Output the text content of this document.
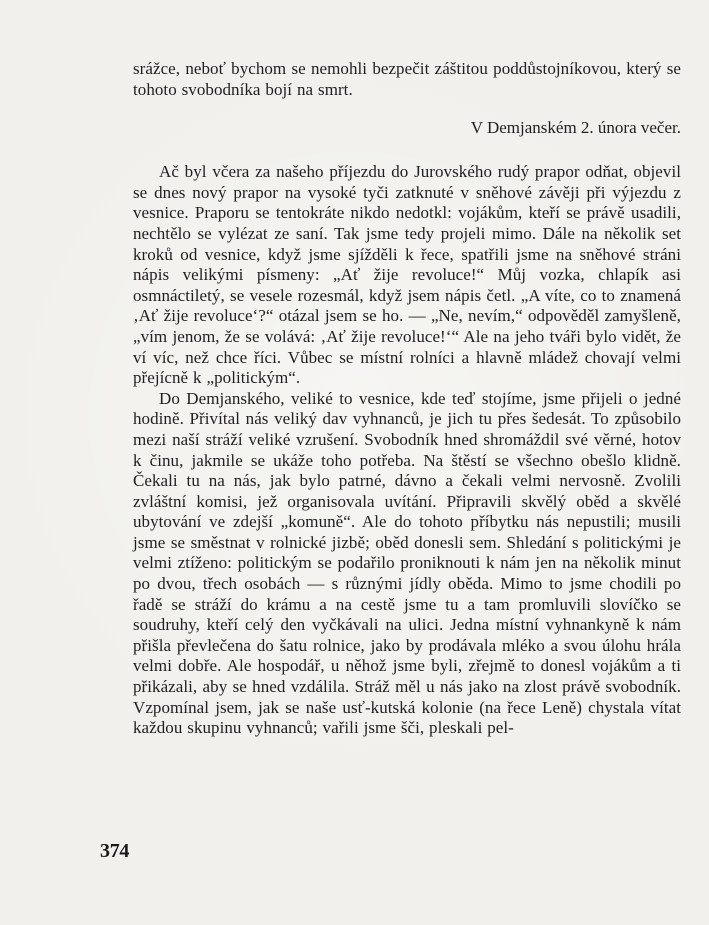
srážce, neboť bychom se nemohli bezpečit záštitou poddůstojníkovou, který se tohoto svobodníka bojí na smrt.

V Demjanském 2. února večer.

Ač byl včera za našeho příjezdu do Jurovského rudý prapor odňat, objevil se dnes nový prapor na vysoké tyči zatknuté v sněhové závěji při výjezdu z vesnice. Praporu se tentokráte nikdo nedotkl: vojákům, kteří se právě usadili, nechtělo se vylézat ze saní. Tak jsme tedy projeli mimo. Dále na několik set kroků od vesnice, když jsme sjížděli k řece, spatřili jsme na sněhové stráni nápis velikými písmeny: „Ať žije revoluce!“ Můj vozka, chlapík asi osmnáctiletý, se vesele rozesmál, když jsem nápis četl. „A víte, co to znamená ‚Ať žije revoluce‘?“ otázal jsem se ho. — „Ne, nevím,“ odpověděl zamyšleně, „vím jenom, že se volává: ‚Ať žije revoluce!‘“ Ale na jeho tváři bylo vidět, že ví víc, než chce říci. Vůbec se místní rolníci a hlavně mládež chovají velmi přejícně k „politickým“.

Do Demjanského, veliké to vesnice, kde teď stojíme, jsme přijeli o jedné hodině. Přivítal nás veliký dav vyhnanců, je jich tu přes šedesát. To způsobilo mezi naší stráží veliké vzrušení. Svobodník hned shromáždil své věrné, hotov k činu, jakmile se ukáže toho potřeba. Na štěstí se všechno obešlo klidně. Čekali tu na nás, jak bylo patrné, dávno a čekali velmi nervosně. Zvolili zvláštní komisi, jež organisovala uvítání. Připravili skvělý oběd a skvělé ubytování ve zdejší „komuně“. Ale do tohoto příbytku nás nepustili; musili jsme se směstnat v rolnické jizbě; oběd donesli sem. Shledání s politickými je velmi ztíženo: politickým se podařilo proniknouti k nám jen na několik minut po dvou, třech osobách — s různými jídly oběda. Mimo to jsme chodili po řadě se stráží do krámu a na cestě jsme tu a tam promluvili slovíčko se soudruhy, kteří celý den vyčkávali na ulici. Jedna místní vyhnankyně k nám přišla převlečena do šatu rolnice, jako by prodávala mléko a svou úlohu hrála velmi dobře. Ale hospodář, u něhož jsme byli, zřejmě to donesl vojákům a ti přikázali, aby se hned vzdálila. Stráž měl u nás jako na zlost právě svobodník. Vzpomínal jsem, jak se naše usť-kutská kolonie (na řece Leně) chystala vítat každou skupinu vyhnanců; vařili jsme šči, pleskali pel-

374
